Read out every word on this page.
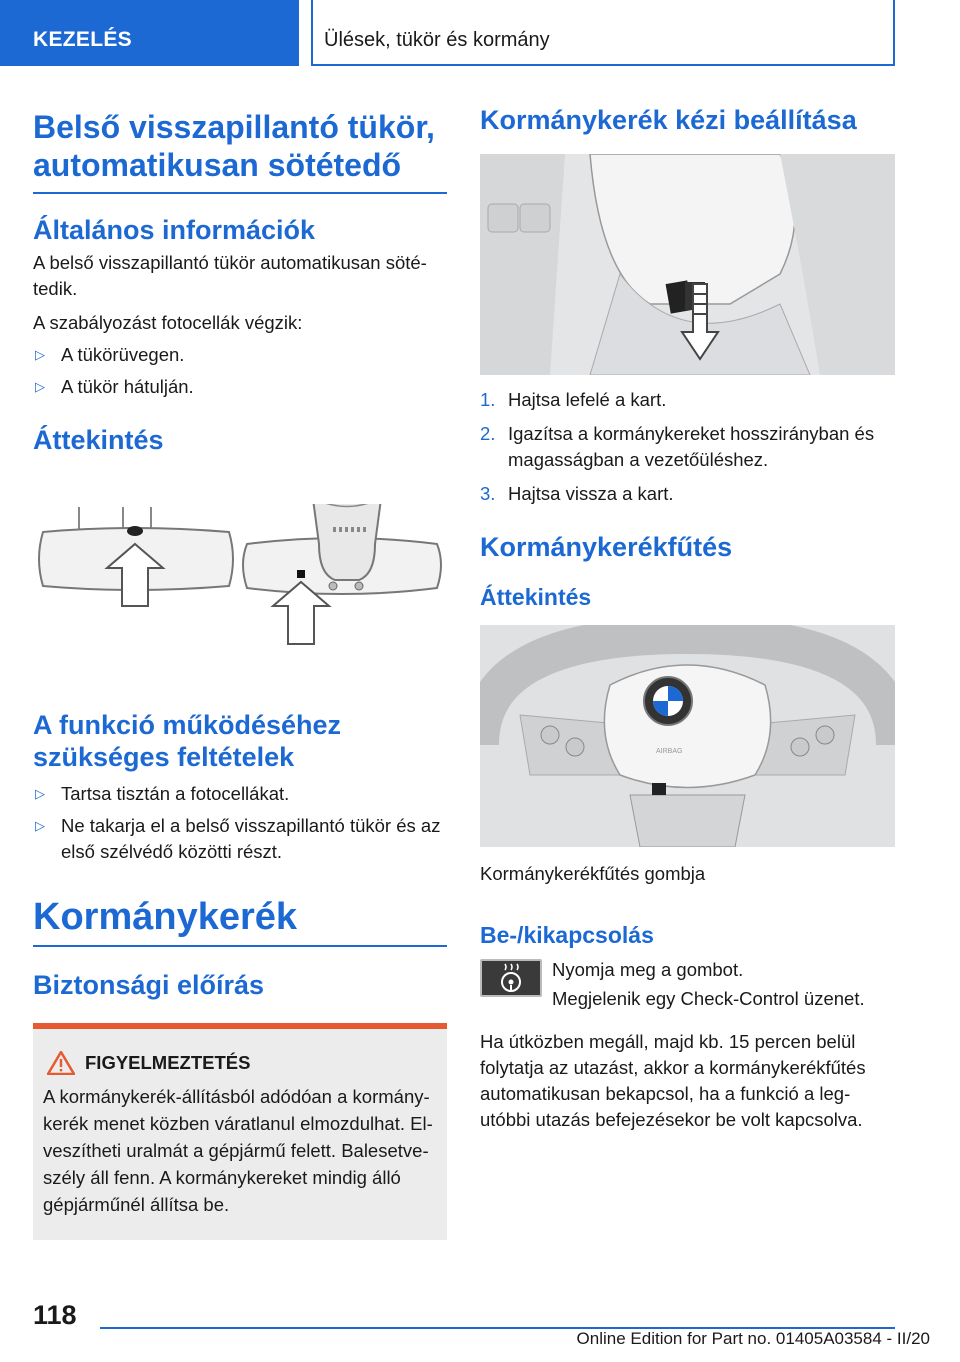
KEZELÉS	Ülések, tükör és kormány
Belső visszapillantó tükör,
automatikusan sötétedő
Általános információk
A belső visszapillantó tükör automatikusan söté‐
tedik.
A szabályozást fotocellák végzik:
▷ A tükörüvegen.
▷ A tükör hátulján.
Áttekintés
A funkció működéséhez
szükséges feltételek
▷ Tartsa tisztán a fotocellákat.
▷ Ne takarja el a belső visszapillantó tükör és az
első szélvédő közötti részt.
Kormánykerék
Biztonsági előírás
FIGYELMEZTETÉS
A kormánykerék-állításból adódóan a kormány‐
kerék menet közben váratlanul elmozdulhat. El‐
veszítheti uralmát a gépjármű felett. Balesetve‐
szély áll fenn. A kormánykereket mindig álló
gépjárműnél állítsa be.
Kormánykerék kézi beállítása
1. Hajtsa lefelé a kart.
2. Igazítsa a kormánykereket hosszirányban és
magasságban a vezetőüléshez.
3. Hajtsa vissza a kart.
Kormánykerékfűtés
Áttekintés
AIRBAG
Kormánykerékfűtés gombja
Be-/kikapcsolás
Nyomja meg a gombot.
Megjelenik egy Check-Control üzenet.
Ha útközben megáll, majd kb. 15 percen belül
folytatja az utazást, akkor a kormánykerékfűtés
automatikusan bekapcsol, ha a funkció a leg‐
utóbbi utazás befejezésekor be volt kapcsolva.
118
Online Edition for Part no. 01405A03584 - II/20
